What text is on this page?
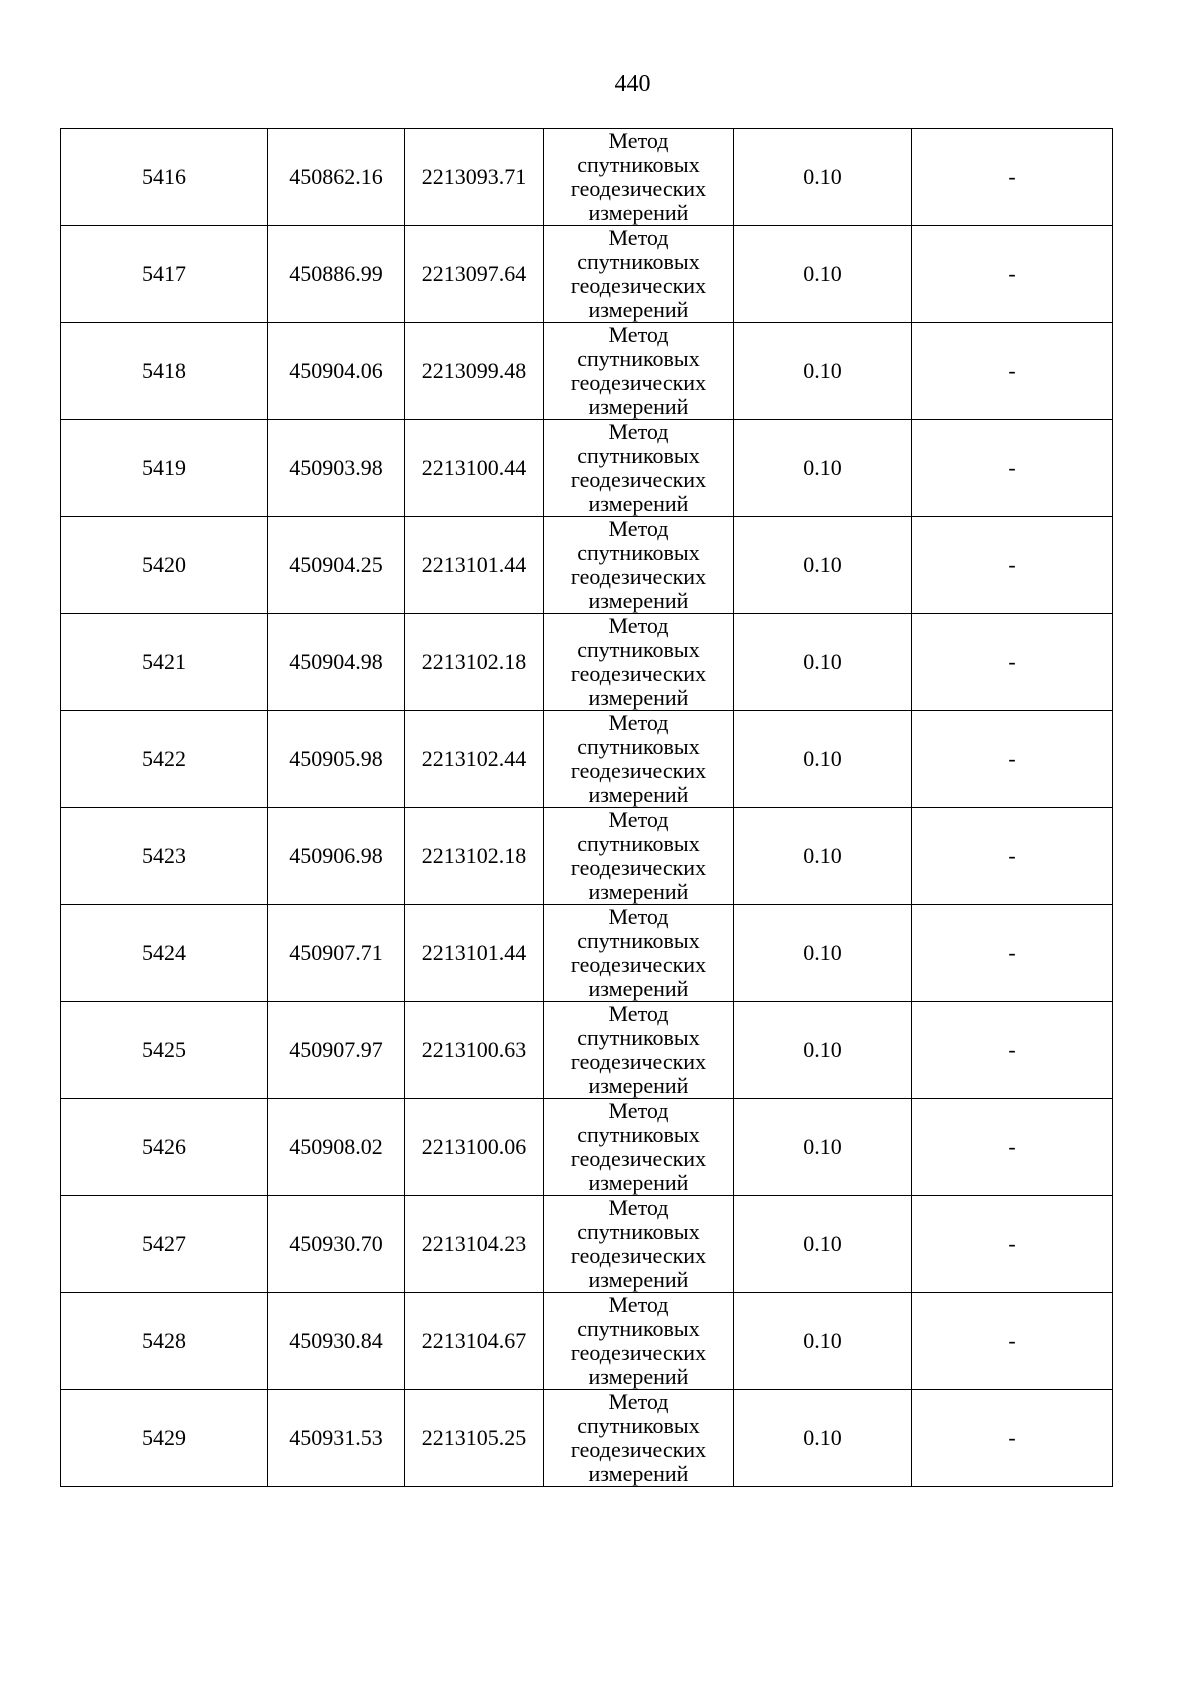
440
5416	450862.16	2213093.71	Метод
спутниковых
геодезических
измерений	0.10	-
5417	450886.99	2213097.64	Метод
спутниковых
геодезических
измерений	0.10	-
5418	450904.06	2213099.48	Метод
спутниковых
геодезических
измерений	0.10	-
5419	450903.98	2213100.44	Метод
спутниковых
геодезических
измерений	0.10	-
5420	450904.25	2213101.44	Метод
спутниковых
геодезических
измерений	0.10	-
5421	450904.98	2213102.18	Метод
спутниковых
геодезических
измерений	0.10	-
5422	450905.98	2213102.44	Метод
спутниковых
геодезических
измерений	0.10	-
5423	450906.98	2213102.18	Метод
спутниковых
геодезических
измерений	0.10	-
5424	450907.71	2213101.44	Метод
спутниковых
геодезических
измерений	0.10	-
5425	450907.97	2213100.63	Метод
спутниковых
геодезических
измерений	0.10	-
5426	450908.02	2213100.06	Метод
спутниковых
геодезических
измерений	0.10	-
5427	450930.70	2213104.23	Метод
спутниковых
геодезических
измерений	0.10	-
5428	450930.84	2213104.67	Метод
спутниковых
геодезических
измерений	0.10	-
5429	450931.53	2213105.25	Метод
спутниковых
геодезических
измерений	0.10	-
